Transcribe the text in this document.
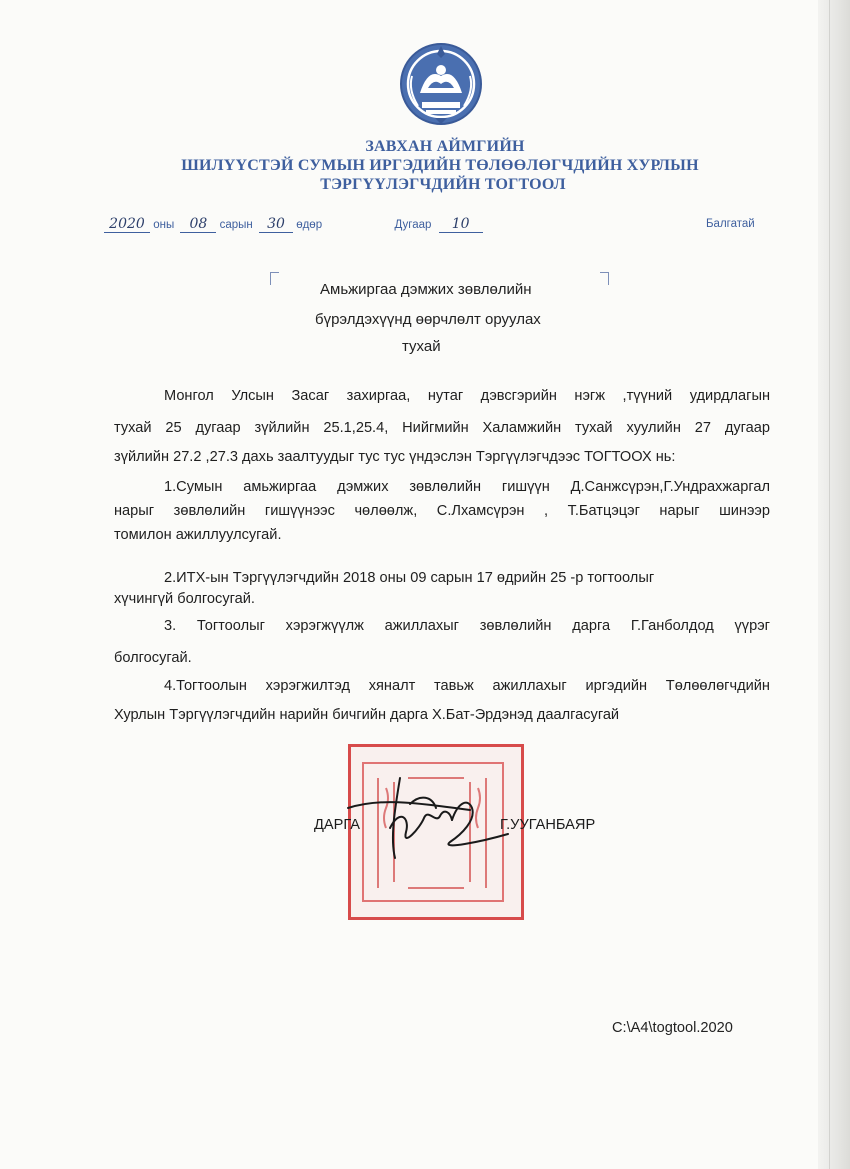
ЗАВХАН АЙМГИЙН
ШИЛҮҮСТЭЙ СУМЫН ИРГЭДИЙН ТӨЛӨӨЛӨГЧДИЙН ХУРЛЫН
ТЭРГҮҮЛЭГЧДИЙН ТОГТООЛ
2020 оны 08 сарын 30 өдөр	Дугаар 10	Балгатай
Амьжиргаа дэмжих зөвлөлийн
бүрэлдэхүүнд өөрчлөлт оруулах
тухай
Монгол Улсын Засаг захиргаа, нутаг дэвсгэрийн нэгж ,түүний удирдлагын
тухай 25 дугаар зүйлийн 25.1,25.4, Нийгмийн Халамжийн тухай хуулийн 27 дугаар
зүйлийн 27.2 ,27.3 дахь заалтуудыг тус тус үндэслэн Тэргүүлэгчдээс ТОГТООХ нь:
1.Сумын амьжиргаа дэмжих зөвлөлийн гишүүн Д.Санжсүрэн,Г.Ундрахжаргал
нарыг зөвлөлийн гишүүнээс чөлөөлж, С.Лхамсүрэн , Т.Батцэцэг нарыг шинээр
томилон ажиллуулсугай.
2.ИТХ-ын Тэргүүлэгчдийн 2018 оны 09 сарын 17 өдрийн 25 -р тогтоолыг
хүчингүй болгосугай.
3. Тогтоолыг хэрэгжүүлж ажиллахыг зөвлөлийн дарга Г.Ганболдод үүрэг
болгосугай.
4.Тогтоолын хэрэгжилтэд хяналт тавьж ажиллахыг иргэдийн Төлөөлөгчдийн
Хурлын Тэргүүлэгчдийн нарийн бичгийн дарга Х.Бат-Эрдэнэд даалгасугай
ДАРГА	Г.УУГАНБАЯР
C:\A4\togtool.2020
